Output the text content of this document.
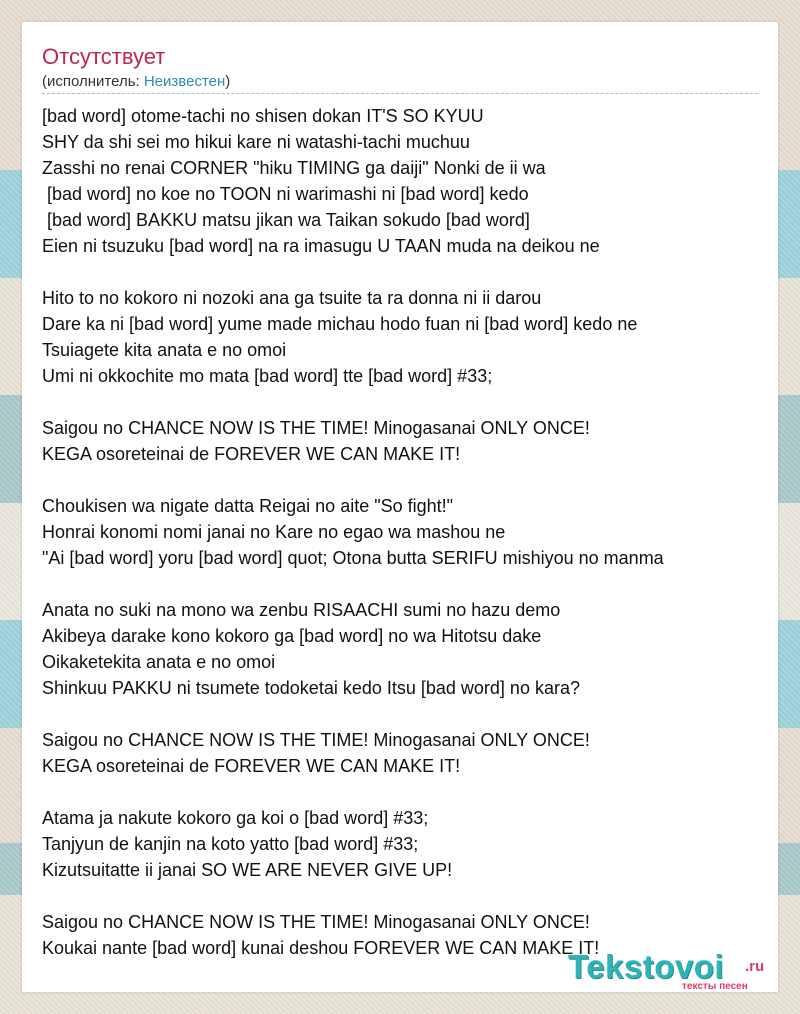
Отсутствует
(исполнитель: Неизвестен)
[bad word] otome-tachi no shisen dokan IT'S SO KYUU
SHY da shi sei mo hikui kare ni watashi-tachi muchuu
Zasshi no renai CORNER "hiku TIMING ga daiji" Nonki de ii wa
[bad word] no koe no TOON ni warimashi ni [bad word] kedo
[bad word] BAKKU matsu jikan wa Taikan sokudo [bad word]
Eien ni tsuzuku [bad word] na ra imasugu U TAAN muda na deikou ne
Hito to no kokoro ni nozoki ana ga tsuite ta ra donna ni ii darou
Dare ka ni [bad word] yume made michau hodo fuan ni [bad word] kedo ne
Tsuiagete kita anata e no omoi
Umi ni okkochite mo mata [bad word] tte [bad word] #33;
Saigou no CHANCE NOW IS THE TIME! Minogasanai ONLY ONCE!
KEGA osoreteinai de FOREVER WE CAN MAKE IT!
Choukisen wa nigate datta Reigai no aite "So fight!"
Honrai konomi nomi janai no Kare no egao wa mashou ne
"Ai [bad word] yoru [bad word] quot; Otona butta SERIFU mishiyou no manma
Anata no suki na mono wa zenbu RISAACHI sumi no hazu demo
Akibeya darake kono kokoro ga [bad word] no wa Hitotsu dake
Oikaketekita anata e no omoi
Shinkuu PAKKU ni tsumete todoketai kedo Itsu [bad word] no kara?
Saigou no CHANCE NOW IS THE TIME! Minogasanai ONLY ONCE!
KEGA osoreteinai de FOREVER WE CAN MAKE IT!
Atama ja nakute kokoro ga koi o [bad word] #33;
Tanjyun de kanjin na koto yatto [bad word] #33;
Kizutsuitatte ii janai SO WE ARE NEVER GIVE UP!
Saigou no CHANCE NOW IS THE TIME! Minogasanai ONLY ONCE!
Koukai nante [bad word] kunai deshou FOREVER WE CAN MAKE IT!
Tekstovoi .ru
тексты песен
